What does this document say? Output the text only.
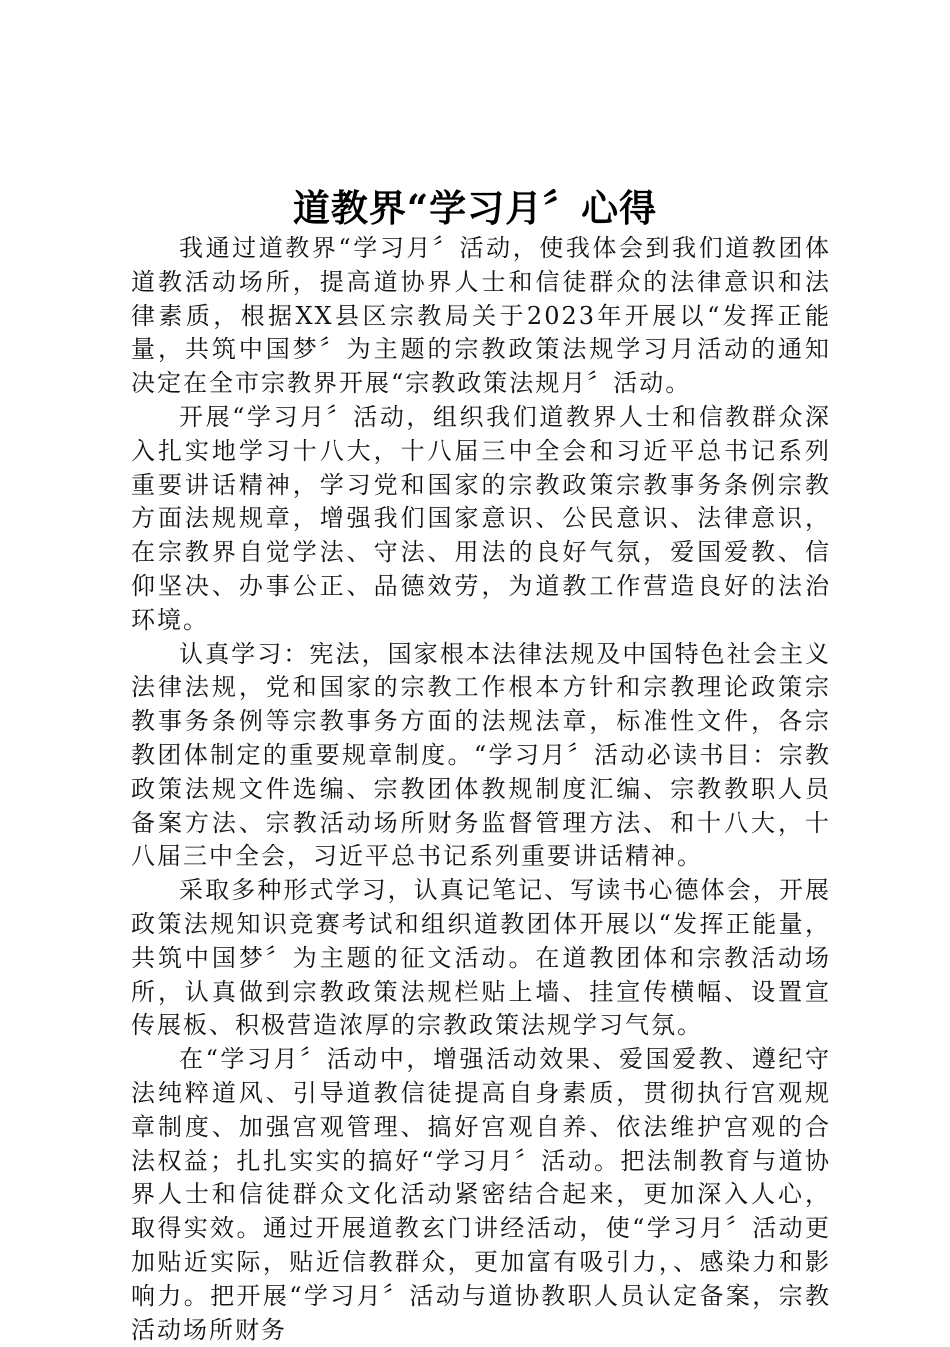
道教界“学习月〞心得

我通过道教界“学习月〞活动，使我体会到我们道教团体道教活动场所，提高道协界人士和信徒群众的法律意识和法律素质，根据XX县区宗教局关于2023年开展以“发挥正能量，共筑中国梦〞为主题的宗教政策法规学习月活动的通知决定在全市宗教界开展“宗教政策法规月〞活动。

开展“学习月〞活动，组织我们道教界人士和信教群众深入扎实地学习十八大，十八届三中全会和习近平总书记系列重要讲话精神，学习党和国家的宗教政策宗教事务条例宗教方面法规规章，增强我们国家意识、公民意识、法律意识，在宗教界自觉学法、守法、用法的良好气氛，爱国爱教、信仰坚决、办事公正、品德效劳，为道教工作营造良好的法治环境。

认真学习：宪法，国家根本法律法规及中国特色社会主义法律法规，党和国家的宗教工作根本方针和宗教理论政策宗教事务条例等宗教事务方面的法规法章，标准性文件，各宗教团体制定的重要规章制度。“学习月〞活动必读书目：宗教政策法规文件选编、宗教团体教规制度汇编、宗教教职人员备案方法、宗教活动场所财务监督管理方法、和十八大，十八届三中全会，习近平总书记系列重要讲话精神。

采取多种形式学习，认真记笔记、写读书心德体会，开展政策法规知识竞赛考试和组织道教团体开展以“发挥正能量，共筑中国梦〞为主题的征文活动。在道教团体和宗教活动场所，认真做到宗教政策法规栏贴上墙、挂宣传横幅、设置宣传展板、积极营造浓厚的宗教政策法规学习气氛。

在“学习月〞活动中，增强活动效果、爱国爱教、遵纪守法纯粹道风、引导道教信徒提高自身素质，贯彻执行宫观规章制度、加强宫观管理、搞好宫观自养、依法维护宫观的合法权益；扎扎实实的搞好“学习月〞活动。把法制教育与道协界人士和信徒群众文化活动紧密结合起来，更加深入人心，取得实效。通过开展道教玄门讲经活动，使“学习月〞活动更加贴近实际，贴近信教群众，更加富有吸引力，、感染力和影响力。把开展“学习月〞活动与道协教职人员认定备案，宗教活动场所财务
